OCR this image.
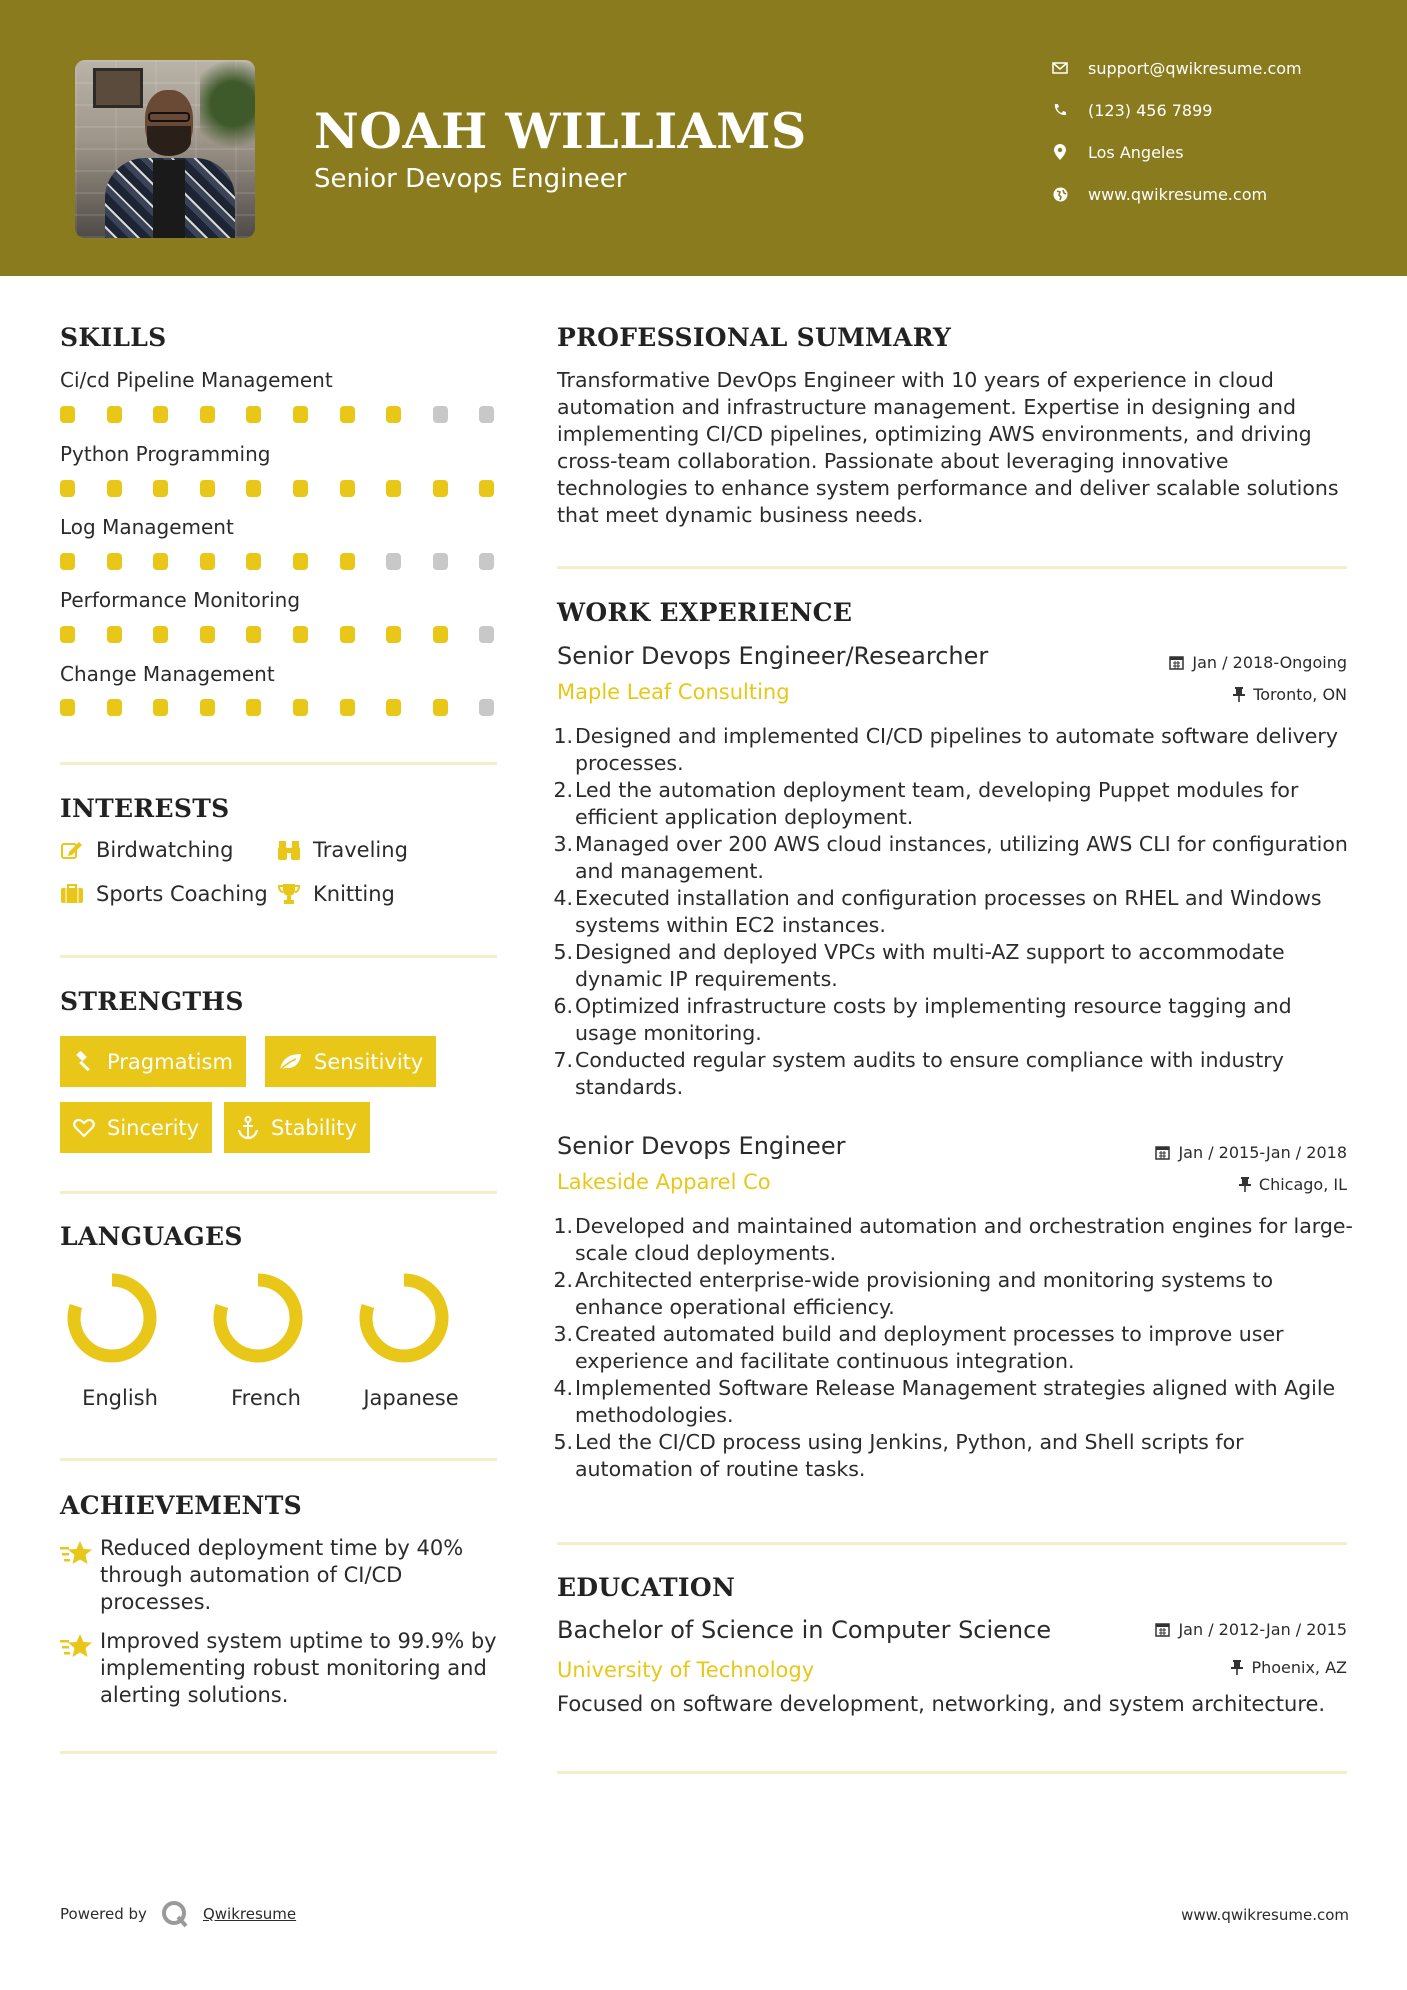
NOAH WILLIAMS
Senior Devops Engineer
support@qwikresume.com
(123) 456 7899
Los Angeles
www.qwikresume.com
SKILLS
Ci/cd Pipeline Management
Python Programming
Log Management
Performance Monitoring
Change Management
INTERESTS
Birdwatching	Traveling
Sports Coaching Knitting
STRENGTHS
Pragmatism	Sensitivity
Sincerity	Stability
LANGUAGES
English	French	Japanese
ACHIEVEMENTS
Reduced deployment time by 40% through automation of CI/CD processes.
Improved system uptime to 99.9% by implementing robust monitoring and alerting solutions.
PROFESSIONAL SUMMARY
Transformative DevOps Engineer with 10 years of experience in cloud automation and infrastructure management. Expertise in designing and implementing CI/CD pipelines, optimizing AWS environments, and driving cross-team collaboration. Passionate about leveraging innovative technologies to enhance system performance and deliver scalable solutions that meet dynamic business needs.
WORK EXPERIENCE
Senior Devops Engineer/Researcher	Jan / 2018-Ongoing
Maple Leaf Consulting	Toronto, ON
1. Designed and implemented CI/CD pipelines to automate software delivery processes.
2. Led the automation deployment team, developing Puppet modules for efficient application deployment.
3. Managed over 200 AWS cloud instances, utilizing AWS CLI for configuration and management.
4. Executed installation and configuration processes on RHEL and Windows systems within EC2 instances.
5. Designed and deployed VPCs with multi-AZ support to accommodate dynamic IP requirements.
6. Optimized infrastructure costs by implementing resource tagging and usage monitoring.
7. Conducted regular system audits to ensure compliance with industry standards.
Senior Devops Engineer	Jan / 2015-Jan / 2018
Lakeside Apparel Co	Chicago, IL
1. Developed and maintained automation and orchestration engines for large-scale cloud deployments.
2. Architected enterprise-wide provisioning and monitoring systems to enhance operational efficiency.
3. Created automated build and deployment processes to improve user experience and facilitate continuous integration.
4. Implemented Software Release Management strategies aligned with Agile methodologies.
5. Led the CI/CD process using Jenkins, Python, and Shell scripts for automation of routine tasks.
EDUCATION
Bachelor of Science in Computer Science	Jan / 2012-Jan / 2015
University of Technology	Phoenix, AZ
Focused on software development, networking, and system architecture.
Powered by	Qwikresume	www.qwikresume.com
